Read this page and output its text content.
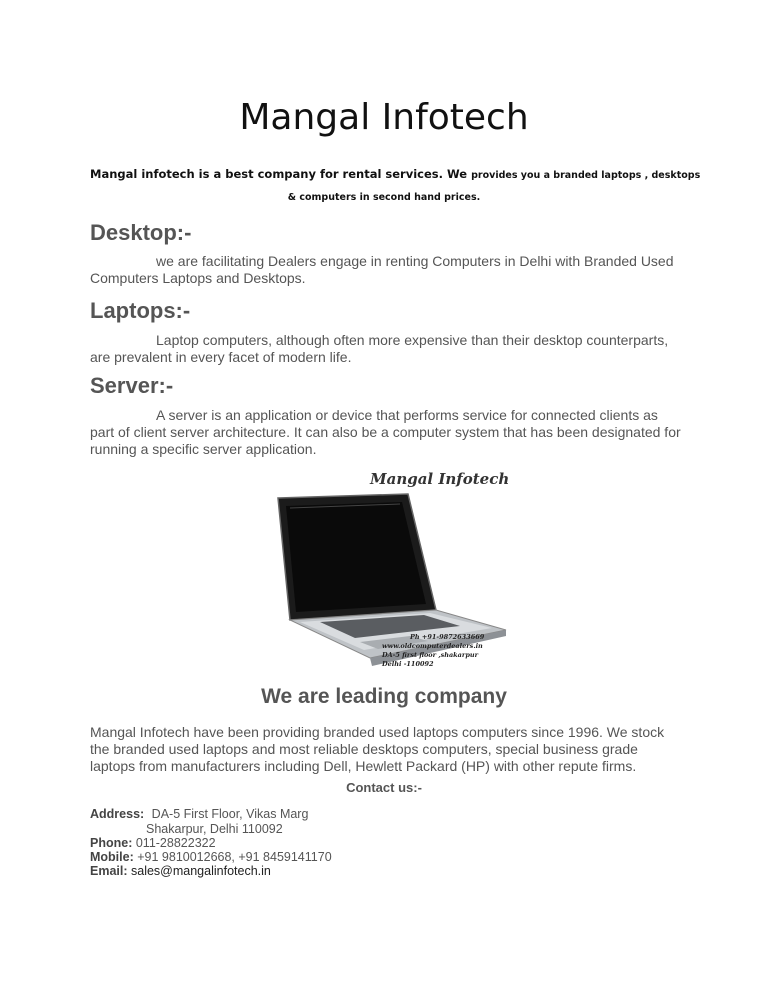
Mangal Infotech
Mangal infotech is a best company for rental services. We provides you a branded laptops , desktops
& computers in second hand prices.
Desktop:-
we are facilitating Dealers engage in renting Computers in Delhi with Branded Used
Computers Laptops and Desktops.
Laptops:-
Laptop computers, although often more expensive than their desktop counterparts,
are prevalent in every facet of modern life.
Server:-
A server is an application or device that performs service for connected clients as
part of client server architecture. It can also be a computer system that has been designated for
running a specific server application.
Mangal Infotech
Ph +91-9872633669
www.oldcomputerdealers.in
DA-5 first floor ,shakarpur
Delhi -110092
We are leading company
Mangal Infotech have been providing branded used laptops computers since 1996. We stock
the branded used laptops and most reliable desktops computers, special business grade
laptops from manufacturers including Dell, Hewlett Packard (HP) with other repute firms.
Contact us:-
Address: DA-5 First Floor, Vikas Marg
Shakarpur, Delhi 110092
Phone: 011-28822322
Mobile: +91 9810012668, +91 8459141170
Email: sales@mangalinfotech.in
